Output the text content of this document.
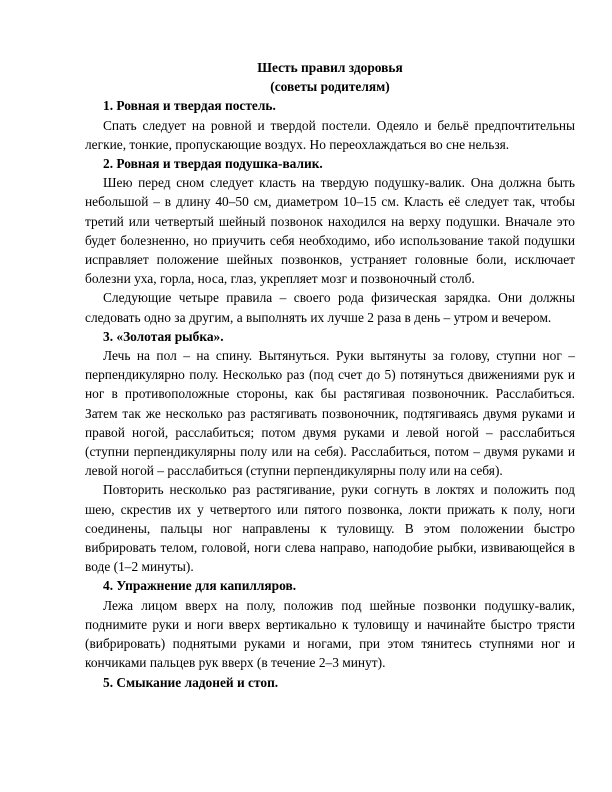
Шесть правил здоровья
(советы родителям)
1. Ровная и твердая постель.

Спать следует на ровной и твердой постели. Одеяло и бельё предпочтительны легкие, тонкие, пропускающие воздух. Но переохлаждаться во сне нельзя.

2. Ровная и твердая подушка-валик.

Шею перед сном следует класть на твердую подушку-валик. Она должна быть небольшой – в длину 40–50 см, диаметром 10–15 см. Класть её следует так, чтобы третий или четвертый шейный позвонок находился на верху подушки. Вначале это будет болезненно, но приучить себя необходимо, ибо использование такой подушки исправляет положение шейных позвонков, устраняет головные боли, исключает болезни уха, горла, носа, глаз, укрепляет мозг и позвоночный столб.

Следующие четыре правила – своего рода физическая зарядка. Они должны следовать одно за другим, а выполнять их лучше 2 раза в день – утром и вечером.

3. «Золотая рыбка».

Лечь на пол – на спину. Вытянуться. Руки вытянуты за голову, ступни ног – перпендикулярно полу. Несколько раз (под счет до 5) потянуться движениями рук и ног в противоположные стороны, как бы растягивая позвоночник. Расслабиться. Затем так же несколько раз растягивать позвоночник, подтягиваясь двумя руками и правой ногой, расслабиться; потом двумя руками и левой ногой – расслабиться (ступни перпендикулярны полу или на себя). Расслабиться, потом – двумя руками и левой ногой – расслабиться (ступни перпендикулярны полу или на себя).

Повторить несколько раз растягивание, руки согнуть в локтях и положить под шею, скрестив их у четвертого или пятого позвонка, локти прижать к полу, ноги соединены, пальцы ног направлены к туловищу. В этом положении быстро вибрировать телом, головой, ноги слева направо, наподобие рыбки, извивающейся в воде (1–2 минуты).

4. Упражнение для капилляров.

Лежа лицом вверх на полу, положив под шейные позвонки подушку-валик, поднимите руки и ноги вверх вертикально к туловищу и начинайте быстро трясти (вибрировать) поднятыми руками и ногами, при этом тянитесь ступнями ног и кончиками пальцев рук вверх (в течение 2–3 минут).

5. Смыкание ладоней и стоп.
